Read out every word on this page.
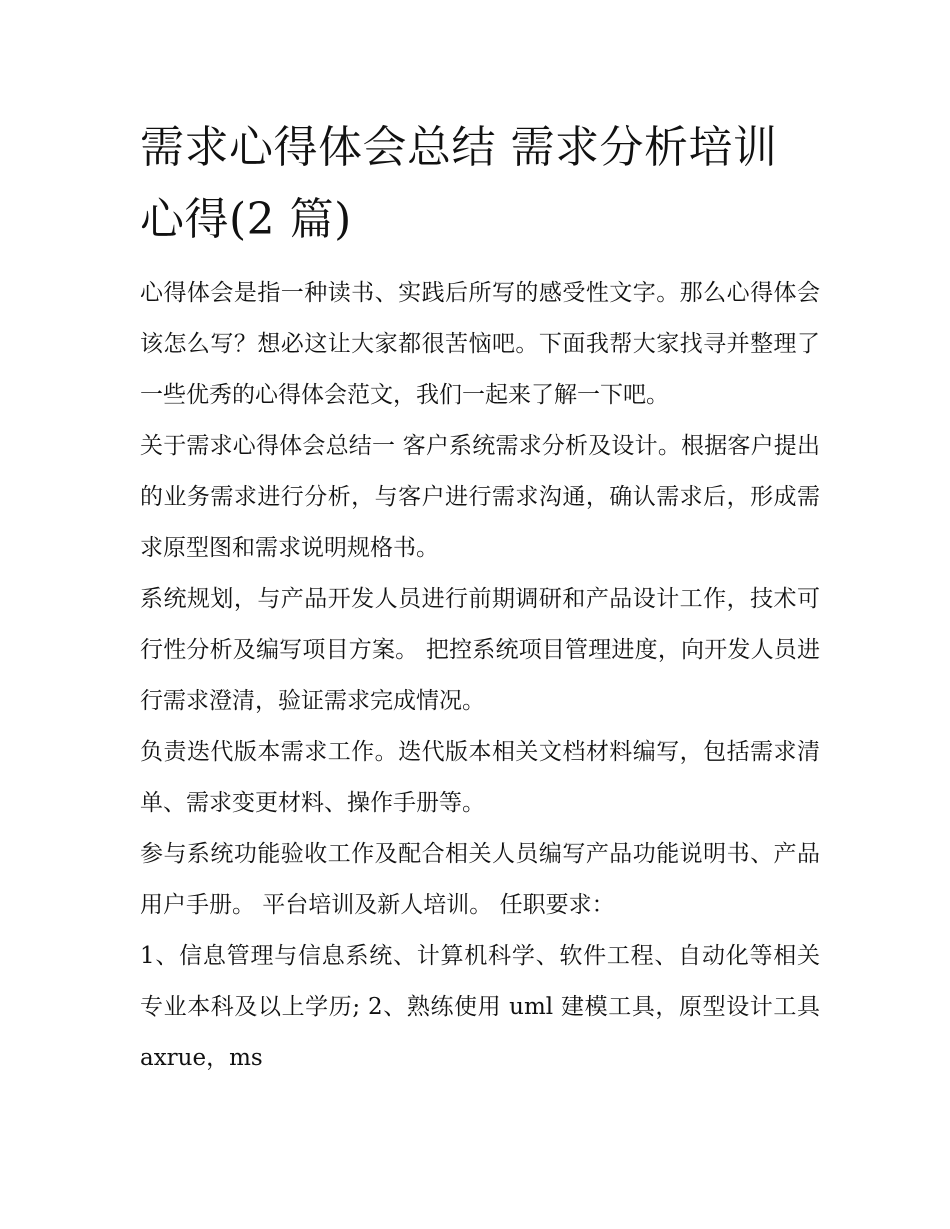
需求心得体会总结 需求分析培训心得(2 篇)

心得体会是指一种读书、实践后所写的感受性文字。那么心得体会该怎么写？想必这让大家都很苦恼吧。下面我帮大家找寻并整理了一些优秀的心得体会范文，我们一起来了解一下吧。

关于需求心得体会总结一 客户系统需求分析及设计。根据客户提出的业务需求进行分析，与客户进行需求沟通，确认需求后，形成需求原型图和需求说明规格书。

系统规划，与产品开发人员进行前期调研和产品设计工作，技术可行性分析及编写项目方案。 把控系统项目管理进度，向开发人员进行需求澄清，验证需求完成情况。

负责迭代版本需求工作。迭代版本相关文档材料编写，包括需求清单、需求变更材料、操作手册等。

参与系统功能验收工作及配合相关人员编写产品功能说明书、产品用户手册。 平台培训及新人培训。 任职要求：

1、信息管理与信息系统、计算机科学、软件工程、自动化等相关专业本科及以上学历; 2、熟练使用 uml 建模工具，原型设计工具 axrue，ms
